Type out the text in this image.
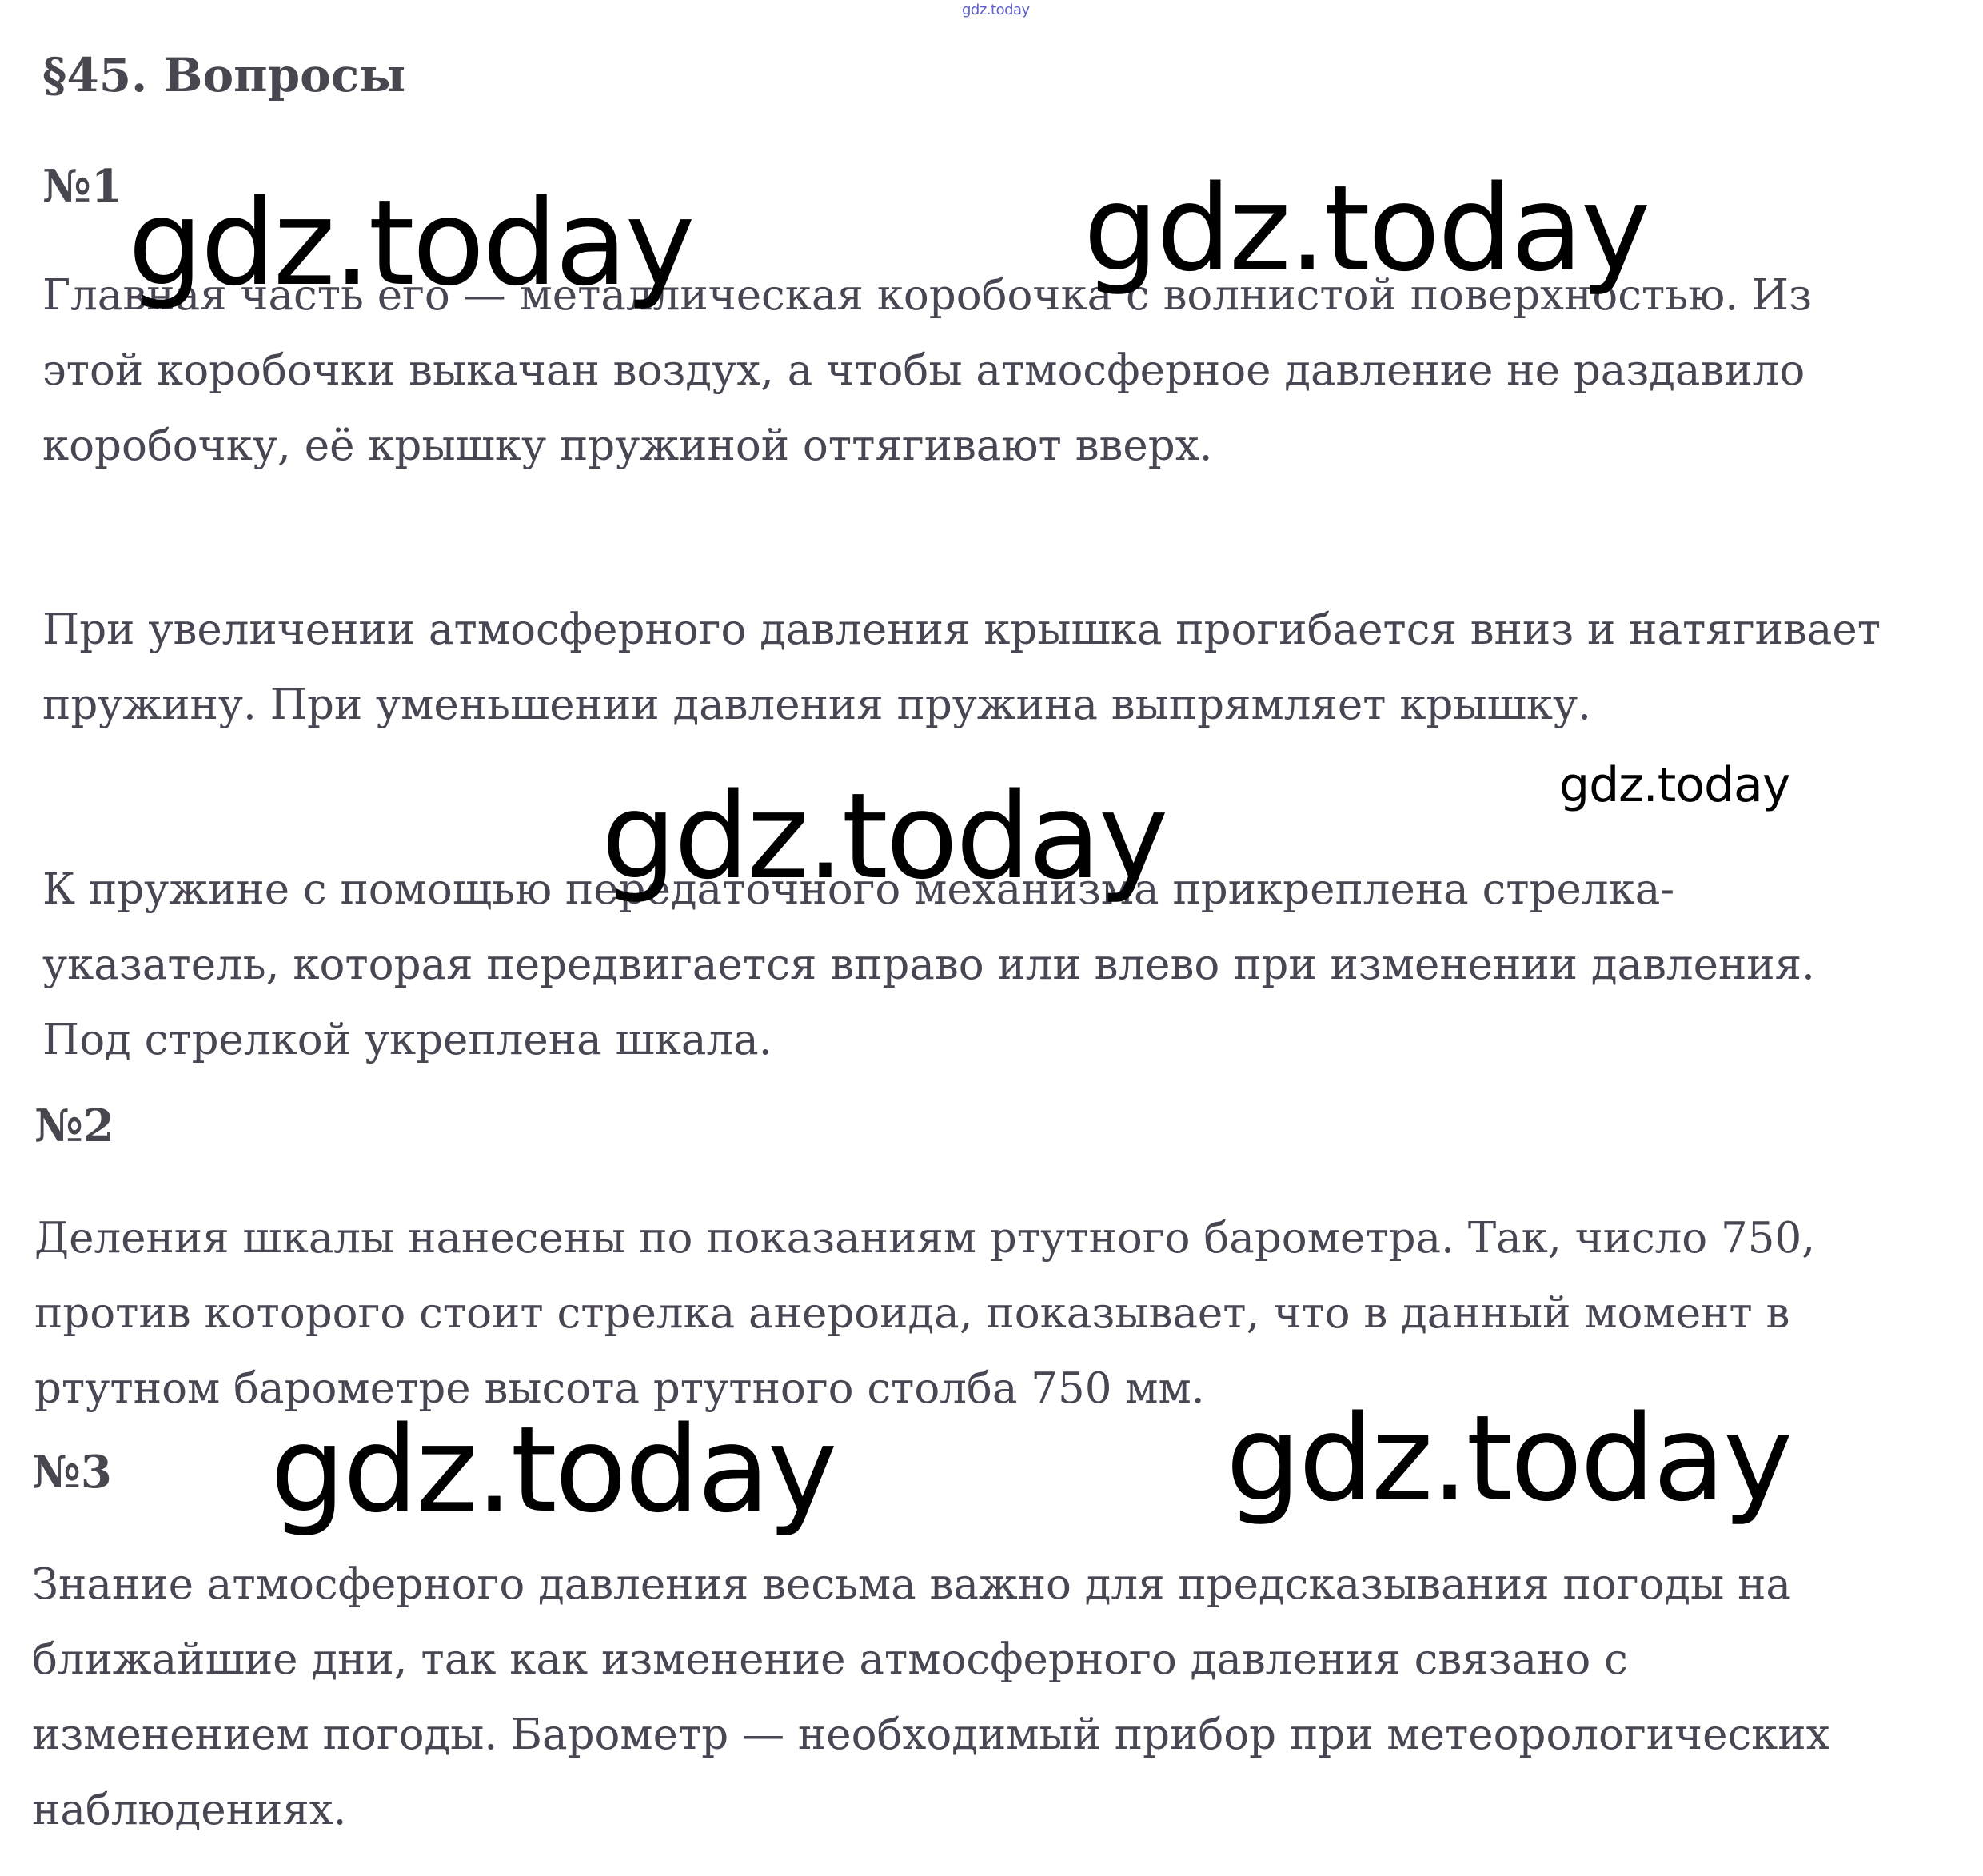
gdz.today
§45. Вопросы
№1

Главная часть его — металлическая коробочка с волнистой поверхностью. Из этой коробочки выкачан воздух, а чтобы атмосферное давление не раздавило коробочку, её крышку пружиной оттягивают вверх.

При увеличении атмосферного давления крышка прогибается вниз и натягивает пружину. При уменьшении давления пружина выпрямляет крышку.

К пружине с помощью передаточного механизма прикреплена стрелка-указатель, которая передвигается вправо или влево при изменении давления. Под стрелкой укреплена шкала.

№2

Деления шкалы нанесены по показаниям ртутного барометра. Так, число 750, против которого стоит стрелка анероида, показывает, что в данный момент в ртутном барометре высота ртутного столба 750 мм.

№3

Знание атмосферного давления весьма важно для предсказывания погоды на ближайшие дни, так как изменение атмосферного давления связано с изменением погоды. Барометр — необходимый прибор при метеорологических наблюдениях.

gdz.today	gdz.today
gdz.today
gdz.today
gdz.today	gdz.today
